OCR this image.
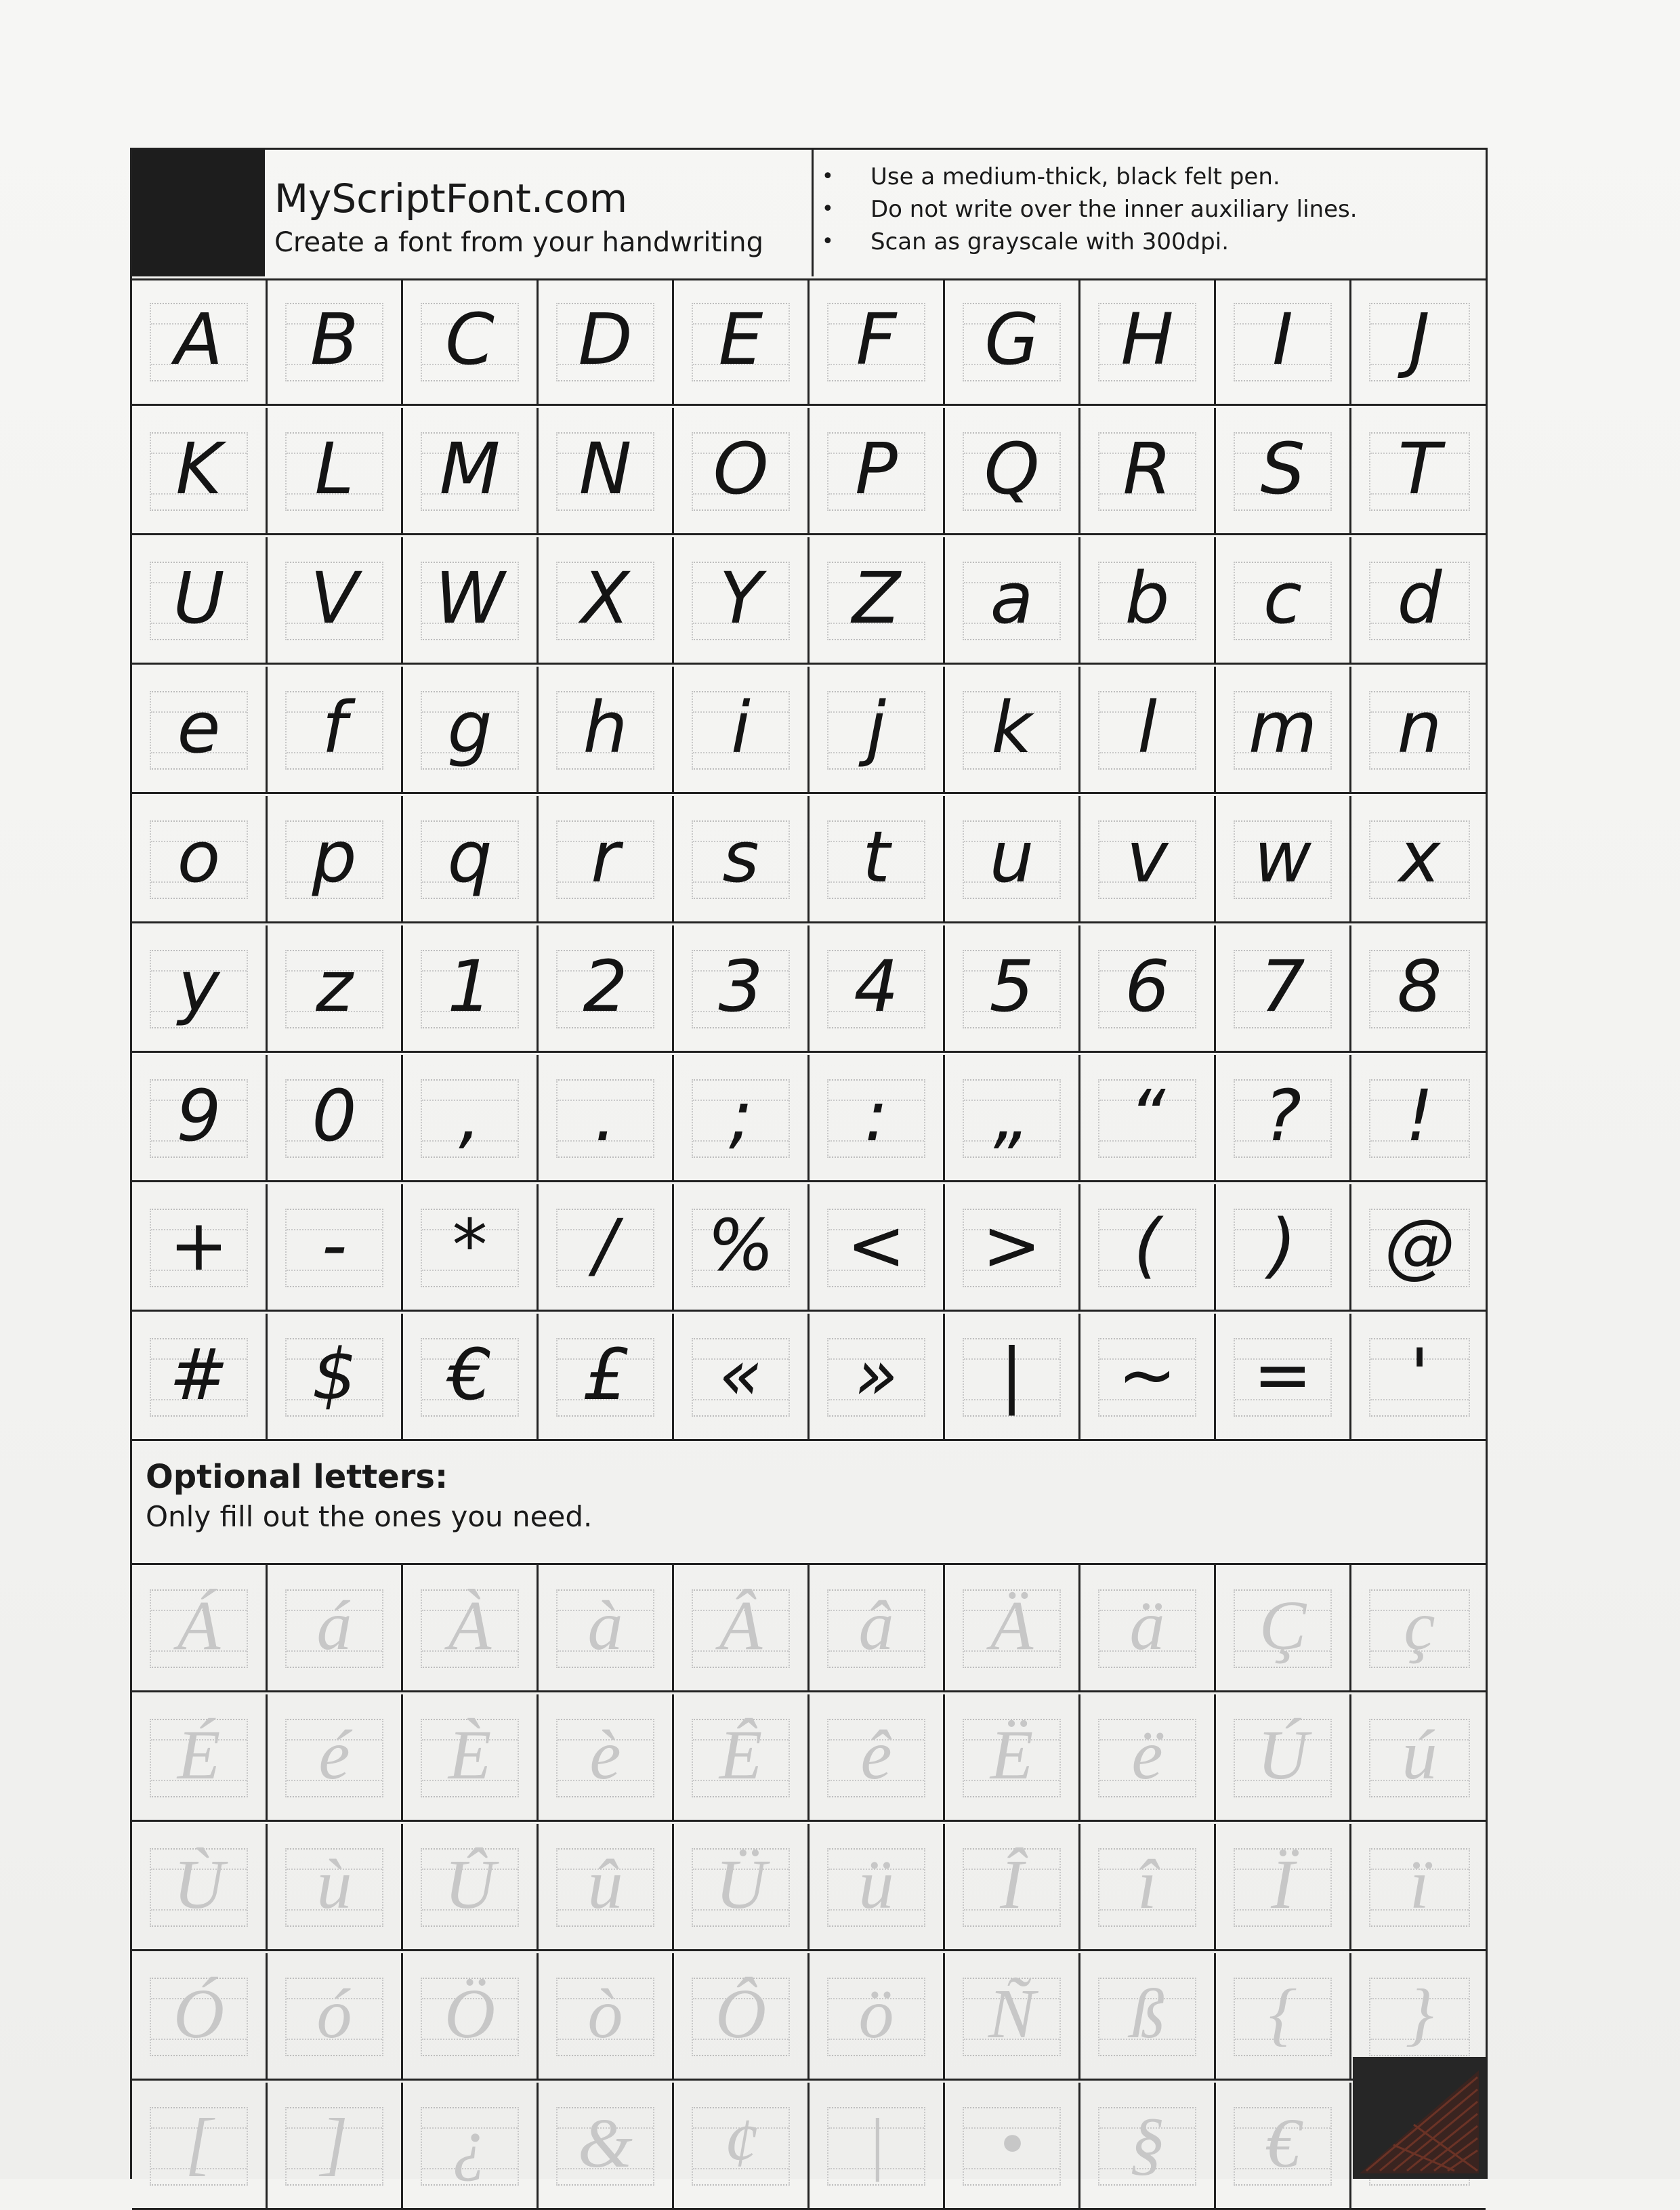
MyScriptFont.com
Create a font from your handwriting
• Use a medium-thick, black felt pen.
• Do not write over the inner auxiliary lines.
• Scan as grayscale with 300dpi.
A	B	C	D	E	F	G	H	I	J
K	L	M	N	O	P	Q	R	S	T
U	V	W	X	Y	Z	a	b	c	d
e	f	g	h	i	j	k	l	m	n
o	p	q	r	s	t	u	v	w	x
y	z	1	2	3	4	5	6	7	8
9	0	,	.	;	:	„	“	?	!
+	-	*	/	%	<	>	(	)	@
#	$	€	£	«	»	|	~	=	'
Optional letters:
Only fill out the ones you need.
Á	á	À	à	Â	â	Ä	ä	Ç	ç
É	é	È	è	Ê	ê	Ë	ë	Ú	ú
Ù	ù	Û	û	Ü	ü	Î	î	Ï	ï
Ó	ó	Ö	ò	Ô	ö	Ñ	ß	{	}
[	]	¿	&	¢	|	•	§	€
